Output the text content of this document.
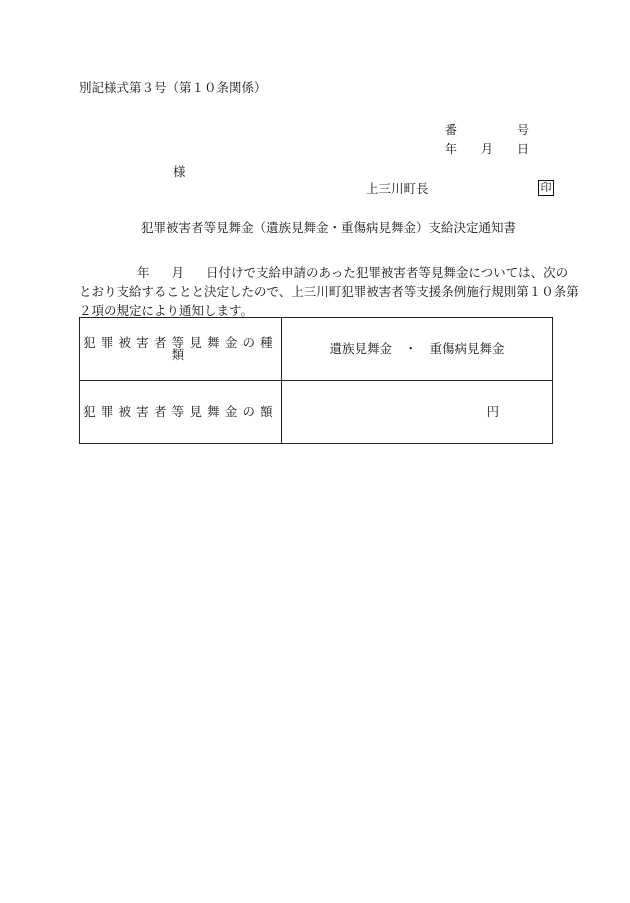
別記様式第３号（第１０条関係）
番	号
年 月 日
様
上三川町長	印
犯罪被害者等見舞金（遺族見舞金・重傷病見舞金）支給決定通知書
年 月 日付けで支給申請のあった犯罪被害者等見舞金については、次の
とおり支給することと決定したので、上三川町犯罪被害者等支援条例施行規則第１０条第
２項の規定により通知します。
犯罪被害者等見舞金の種類	遺族見舞金　・　重傷病見舞金
犯罪被害者等見舞金の額	円
